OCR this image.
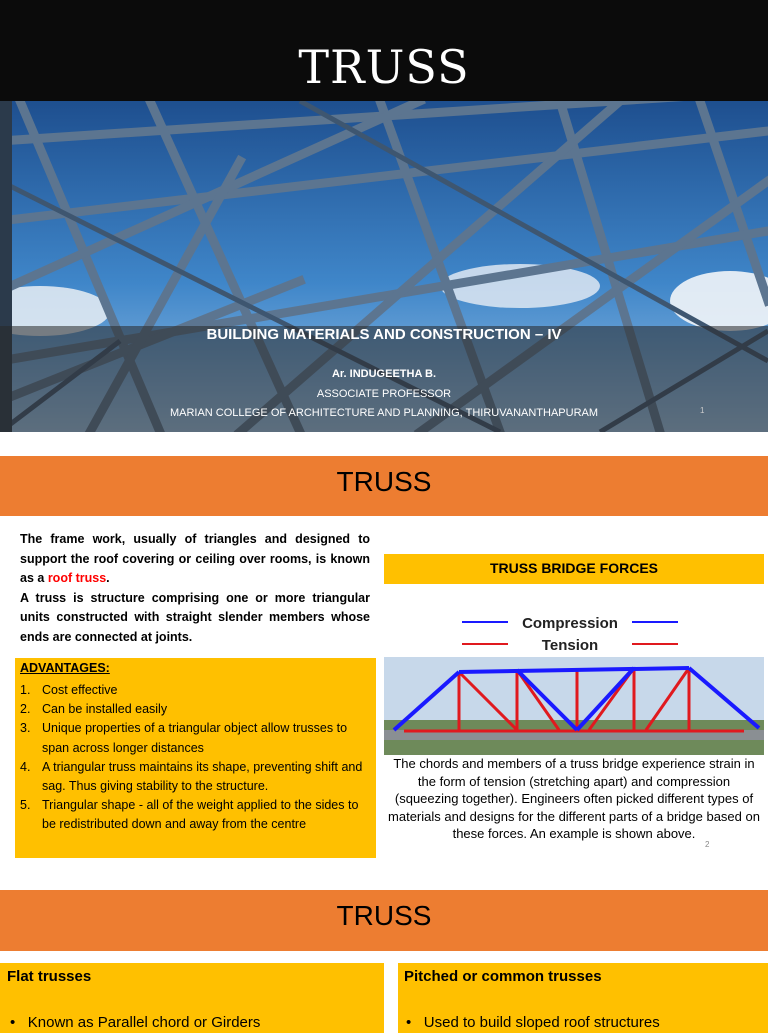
TRUSS
BUILDING MATERIALS AND CONSTRUCTION – IV
Ar. INDUGEETHA B.
ASSOCIATE PROFESSOR
MARIAN COLLEGE OF ARCHITECTURE AND PLANNING, THIRUVANANTHAPURAM	1
TRUSS
The frame work, usually of triangles and designed to support the roof covering or ceiling over rooms, is known as a roof truss.
A truss is structure comprising one or more triangular units constructed with straight slender members whose ends are connected at joints.
ADVANTAGES:
1. Cost effective
2. Can be installed easily
3. Unique properties of a triangular object allow trusses to span across longer distances
4. A triangular truss maintains its shape, preventing shift and sag. Thus giving stability to the structure.
5. Triangular shape - all of the weight applied to the sides to be redistributed down and away from the centre
TRUSS BRIDGE FORCES
Compression
Tension
The chords and members of a truss bridge experience strain in the form of tension (stretching apart) and compression (squeezing together). Engineers often picked different types of materials and designs for the different parts of a bridge based on these forces. An example is shown above.
2
TRUSS
Flat trusses	Pitched or common trusses
•   Known as Parallel chord or Girders	•   Used to build sloped roof structures
